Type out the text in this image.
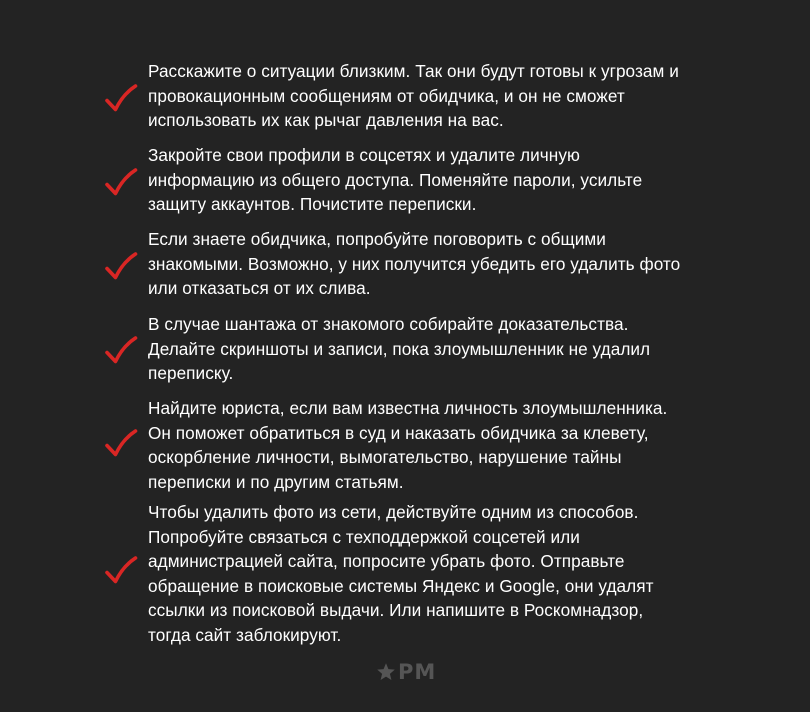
Расскажите о ситуации близким. Так они будут готовы к угрозам и
провокационным сообщениям от обидчика, и он не сможет
использовать их как рычаг давления на вас.

Закройте свои профили в соцсетях и удалите личную
информацию из общего доступа. Поменяйте пароли, усильте
защиту аккаунтов. Почистите переписки.

Если знаете обидчика, попробуйте поговорить с общими
знакомыми. Возможно, у них получится убедить его удалить фото
или отказаться от их слива.

В случае шантажа от знакомого собирайте доказательства.
Делайте скриншоты и записи, пока злоумышленник не удалил
переписку.

Найдите юриста, если вам известна личность злоумышленника.
Он поможет обратиться в суд и наказать обидчика за клевету,
оскорбление личности, вымогательство, нарушение тайны
переписки и по другим статьям.

Чтобы удалить фото из сети, действуйте одним из способов.
Попробуйте связаться с техподдержкой соцсетей или
администрацией сайта, попросите убрать фото. Отправьте
обращение в поисковые системы Яндекс и Google, они удалят
ссылки из поисковой выдачи. Или напишите в Роскомнадзор,
тогда сайт заблокируют.

PM
